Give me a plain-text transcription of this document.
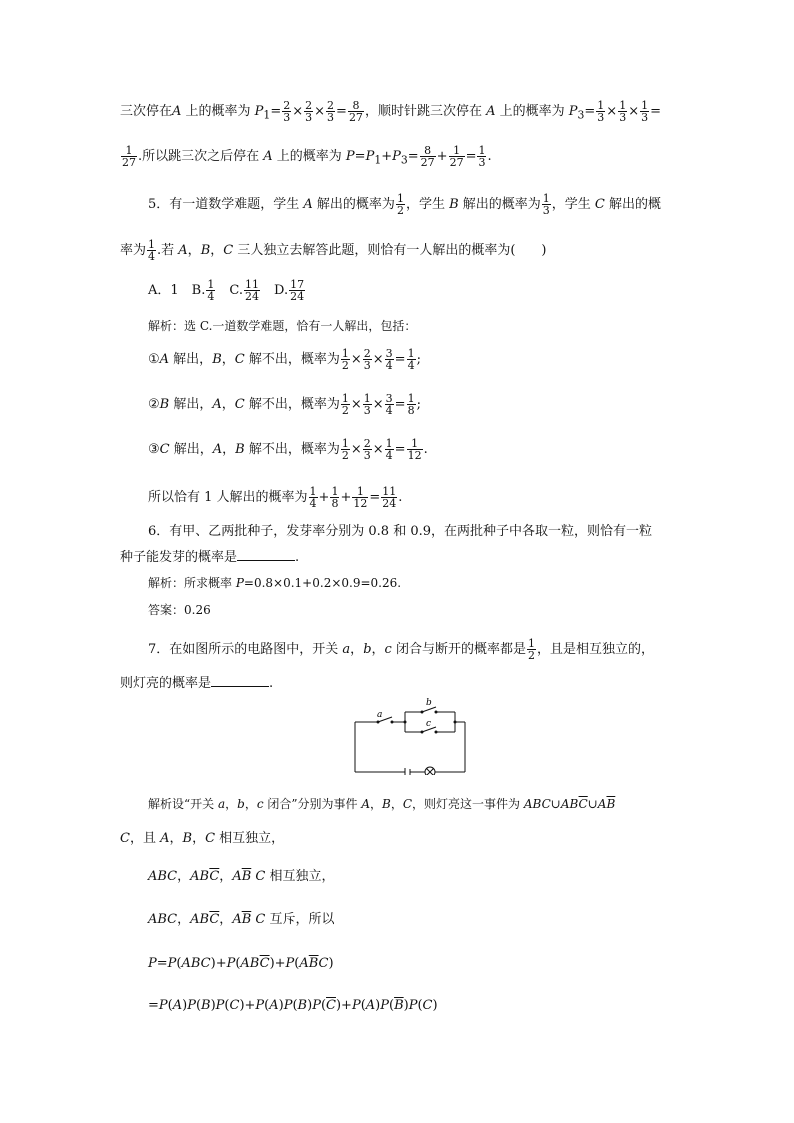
三次停在A 上的概率为 $P_1= \frac{2}{3} \times \frac{2}{3} \times \frac{2}{3} = \frac{8}{27}$ ，顺时针跳三次停在 A 上的概率为 $P_3= \frac{1}{3} \times \frac{1}{3} \times \frac{1}{3}$ =
$\frac{1}{27}$ .所以跳三次之后停在 A 上的概率为 $P=P_1+P_3= \frac{8}{27} + \frac{1}{27} = \frac{1}{3}$ .
5．有一道数学难题，学生 A 解出的概率为 $\frac{1}{2}$ ，学生 B 解出的概率为 $\frac{1}{3}$ ，学生 C 解出的概
率为 $\frac{1}{4}$ .若 A，B，C 三人独立去解答此题，则恰有一人解出的概率为(　　)
A．1　B. $\frac{1}{4}$ 　C. $\frac{11}{24}$ 　D. $\frac{17}{24}$
解析：选 C.一道数学难题，恰有一人解出，包括：
①A 解出，B，C 解不出，概率为 $\frac{1}{2} \times \frac{2}{3} \times \frac{3}{4} = \frac{1}{4}$ ;
②B 解出，A，C 解不出，概率为 $\frac{1}{2} \times \frac{1}{3} \times \frac{3}{4} = \frac{1}{8}$ ;
③C 解出，A，B 解不出，概率为 $\frac{1}{2} \times \frac{2}{3} \times \frac{1}{4} = \frac{1}{12}$ .
所以恰有 1 人解出的概率为 $\frac{1}{4} + \frac{1}{8} + \frac{1}{12} = \frac{11}{24}$ .
6．有甲、乙两批种子，发芽率分别为 0.8 和 0.9，在两批种子中各取一粒，则恰有一粒
种子能发芽的概率是	.
解析：所求概率 P=0.8×0.1+0.2×0.9=0.26.
答案：0.26
7．在如图所示的电路图中，开关 a，b，c 闭合与断开的概率都是 $\frac{1}{2}$ ，且是相互独立的，
则灯亮的概率是	.
a
b
c
解析设“开关 a，b，c 闭合”分别为事件 A，B，C，则灯亮这一事件为 $ABC\cup AB\overline{C}\cup A\overline{B}$
C，且 A，B，C 相互独立，
ABC，$AB\overline{C}$，$A\overline{B}$ C 相互独立，
ABC，$AB\overline{C}$，$A\overline{B}$ C 互斥，所以
$P=P(ABC)+P(AB\overline{C})+P(A\overline{B}C)$
$=P(A)P(B)P(C)+P(A)P(B)P(\overline{C})+P(A)P(\overline{B})P(C)$
